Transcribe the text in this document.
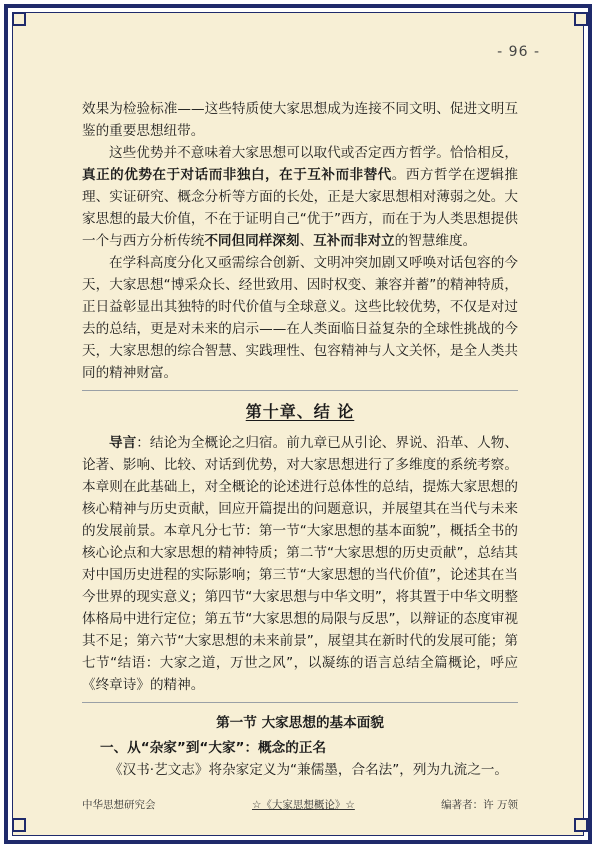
- 96 -

效果为检验标准——这些特质使大家思想成为连接不同文明、促进文明互鉴的重要思想纽带。

这些优势并不意味着大家思想可以取代或否定西方哲学。恰恰相反，真正的优势在于对话而非独白，在于互补而非替代。西方哲学在逻辑推理、实证研究、概念分析等方面的长处，正是大家思想相对薄弱之处。大家思想的最大价值，不在于证明自己“优于”西方，而在于为人类思想提供一个与西方分析传统不同但同样深刻、互补而非对立的智慧维度。

在学科高度分化又亟需综合创新、文明冲突加剧又呼唤对话包容的今天，大家思想“博采众长、经世致用、因时权变、兼容并蓄”的精神特质，正日益彰显出其独特的时代价值与全球意义。这些比较优势，不仅是对过去的总结，更是对未来的启示——在人类面临日益复杂的全球性挑战的今天，大家思想的综合智慧、实践理性、包容精神与人文关怀，是全人类共同的精神财富。

第十章、结 论

导言：结论为全概论之归宿。前九章已从引论、界说、沿革、人物、论著、影响、比较、对话到优势，对大家思想进行了多维度的系统考察。本章则在此基础上，对全概论的论述进行总体性的总结，提炼大家思想的核心精神与历史贡献，回应开篇提出的问题意识，并展望其在当代与未来的发展前景。本章凡分七节：第一节“大家思想的基本面貌”，概括全书的核心论点和大家思想的精神特质；第二节“大家思想的历史贡献”，总结其对中国历史进程的实际影响；第三节“大家思想的当代价值”，论述其在当今世界的现实意义；第四节“大家思想与中华文明”，将其置于中华文明整体格局中进行定位；第五节“大家思想的局限与反思”，以辩证的态度审视其不足；第六节“大家思想的未来前景”，展望其在新时代的发展可能；第七节“结语：大家之道，万世之风”，以凝练的语言总结全篇概论，呼应《终章诗》的精神。

第一节 大家思想的基本面貌
一、从“杂家”到“大家”：概念的正名

《汉书·艺文志》将杂家定义为“兼儒墨，合名法”，列为九流之一。

中华思想研究会	☆《大家思想概论》☆	编著者：许 万领
